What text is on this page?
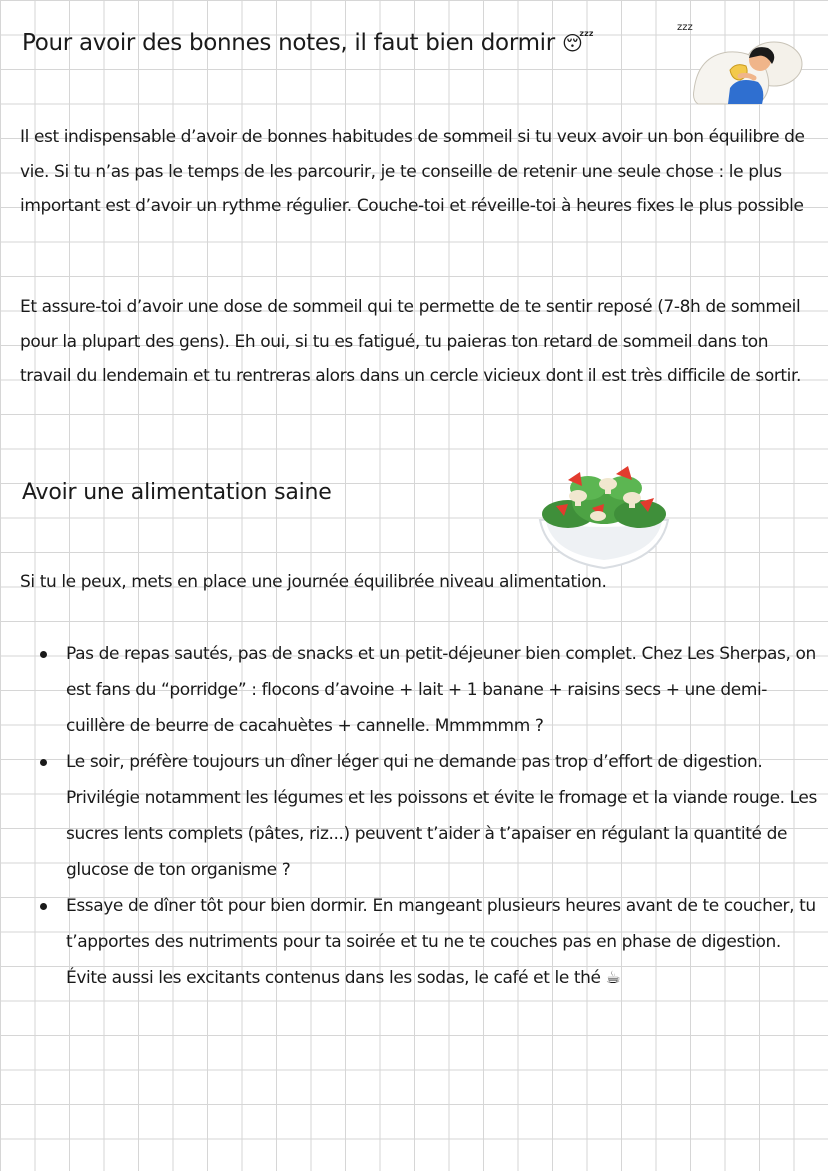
Pour avoir des bonnes notes, il faut bien dormir 😴
zzz

Il est indispensable d’avoir de bonnes habitudes de sommeil si tu veux avoir un bon équilibre de vie. Si tu n’as pas le temps de les parcourir, je te conseille de retenir une seule chose : le plus important est d’avoir un rythme régulier. Couche-toi et réveille-toi à heures fixes le plus possible

Et assure-toi d’avoir une dose de sommeil qui te permette de te sentir reposé (7-8h de sommeil pour la plupart des gens). Eh oui, si tu es fatigué, tu paieras ton retard de sommeil dans ton travail du lendemain et tu rentreras alors dans un cercle vicieux dont il est très difficile de sortir.

Avoir une alimentation saine

Si tu le peux, mets en place une journée équilibrée niveau alimentation.

Pas de repas sautés, pas de snacks et un petit-déjeuner bien complet. Chez Les Sherpas, on est fans du “porridge” : flocons d’avoine + lait + 1 banane + raisins secs + une demi-cuillère de beurre de cacahuètes + cannelle. Mmmmmm ?
Le soir, préfère toujours un dîner léger qui ne demande pas trop d’effort de digestion. Privilégie notamment les légumes et les poissons et évite le fromage et la viande rouge. Les sucres lents complets (pâtes, riz...) peuvent t’aider à t’apaiser en régulant la quantité de glucose de ton organisme ?
Essaye de dîner tôt pour bien dormir. En mangeant plusieurs heures avant de te coucher, tu t’apportes des nutriments pour ta soirée et tu ne te couches pas en phase de digestion. Évite aussi les excitants contenus dans les sodas, le café et le thé ☕
